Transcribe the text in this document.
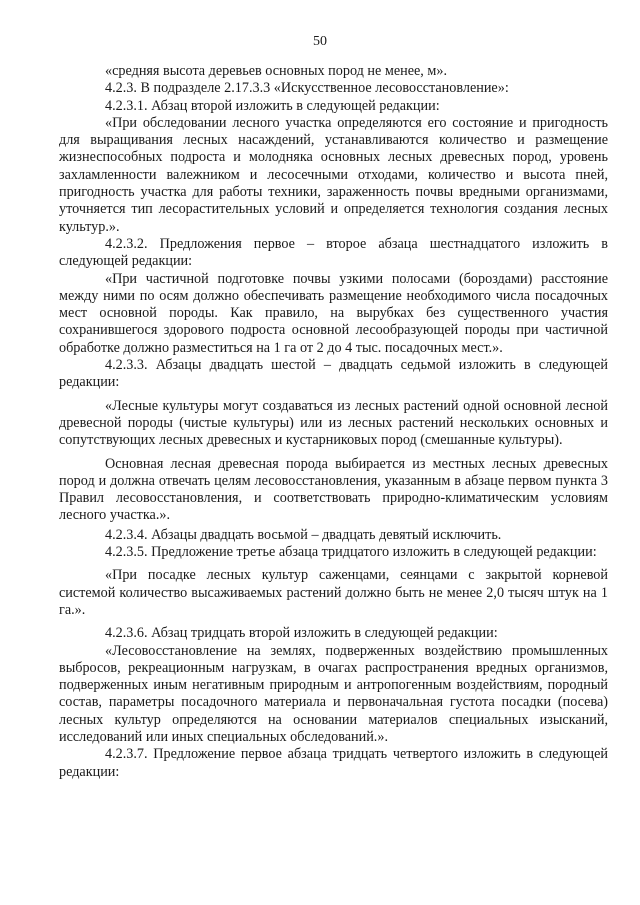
50

«средняя высота деревьев основных пород не менее, м».

4.2.3. В подразделе 2.17.3.3 «Искусственное лесовосстановление»:

4.2.3.1. Абзац второй изложить в следующей редакции:

«При обследовании лесного участка определяются его состояние и пригодность для выращивания лесных насаждений, устанавливаются количество и размещение жизнеспособных подроста и молодняка основных лесных древесных пород, уровень захламленности валежником и лесосечными отходами, количество и высота пней, пригодность участка для работы техники, зараженность почвы вредными организмами, уточняется тип лесорастительных условий и определяется технология создания лесных культур.».

4.2.3.2. Предложения первое – второе абзаца шестнадцатого изложить в следующей редакции:

«При частичной подготовке почвы узкими полосами (бороздами) расстояние между ними по осям должно обеспечивать размещение необходимого числа посадочных мест основной породы. Как правило, на вырубках без существенного участия сохранившегося здорового подроста основной лесообразующей породы при частичной обработке должно разместиться на 1 га от 2 до 4 тыс. посадочных мест.».

4.2.3.3. Абзацы двадцать шестой – двадцать седьмой изложить в следующей редакции:

«Лесные культуры могут создаваться из лесных растений одной основной лесной древесной породы (чистые культуры) или из лесных растений нескольких основных и сопутствующих лесных древесных и кустарниковых пород (смешанные культуры).

Основная лесная древесная порода выбирается из местных лесных древесных пород и должна отвечать целям лесовосстановления, указанным в абзаце первом пункта 3 Правил лесовосстановления, и соответствовать природно-климатическим условиям лесного участка.».

4.2.3.4. Абзацы двадцать восьмой – двадцать девятый исключить.

4.2.3.5. Предложение третье абзаца тридцатого изложить в следующей редакции:

«При посадке лесных культур саженцами, сеянцами с закрытой корневой системой количество высаживаемых растений должно быть не менее 2,0 тысяч штук на 1 га.».

4.2.3.6. Абзац тридцать второй изложить в следующей редакции:

«Лесовосстановление на землях, подверженных воздействию промышленных выбросов, рекреационным нагрузкам, в очагах распространения вредных организмов, подверженных иным негативным природным и антропогенным воздействиям, породный состав, параметры посадочного материала и первоначальная густота посадки (посева) лесных культур определяются на основании материалов специальных изысканий, исследований или иных специальных обследований.».

4.2.3.7. Предложение первое абзаца тридцать четвертого изложить в следующей редакции:
